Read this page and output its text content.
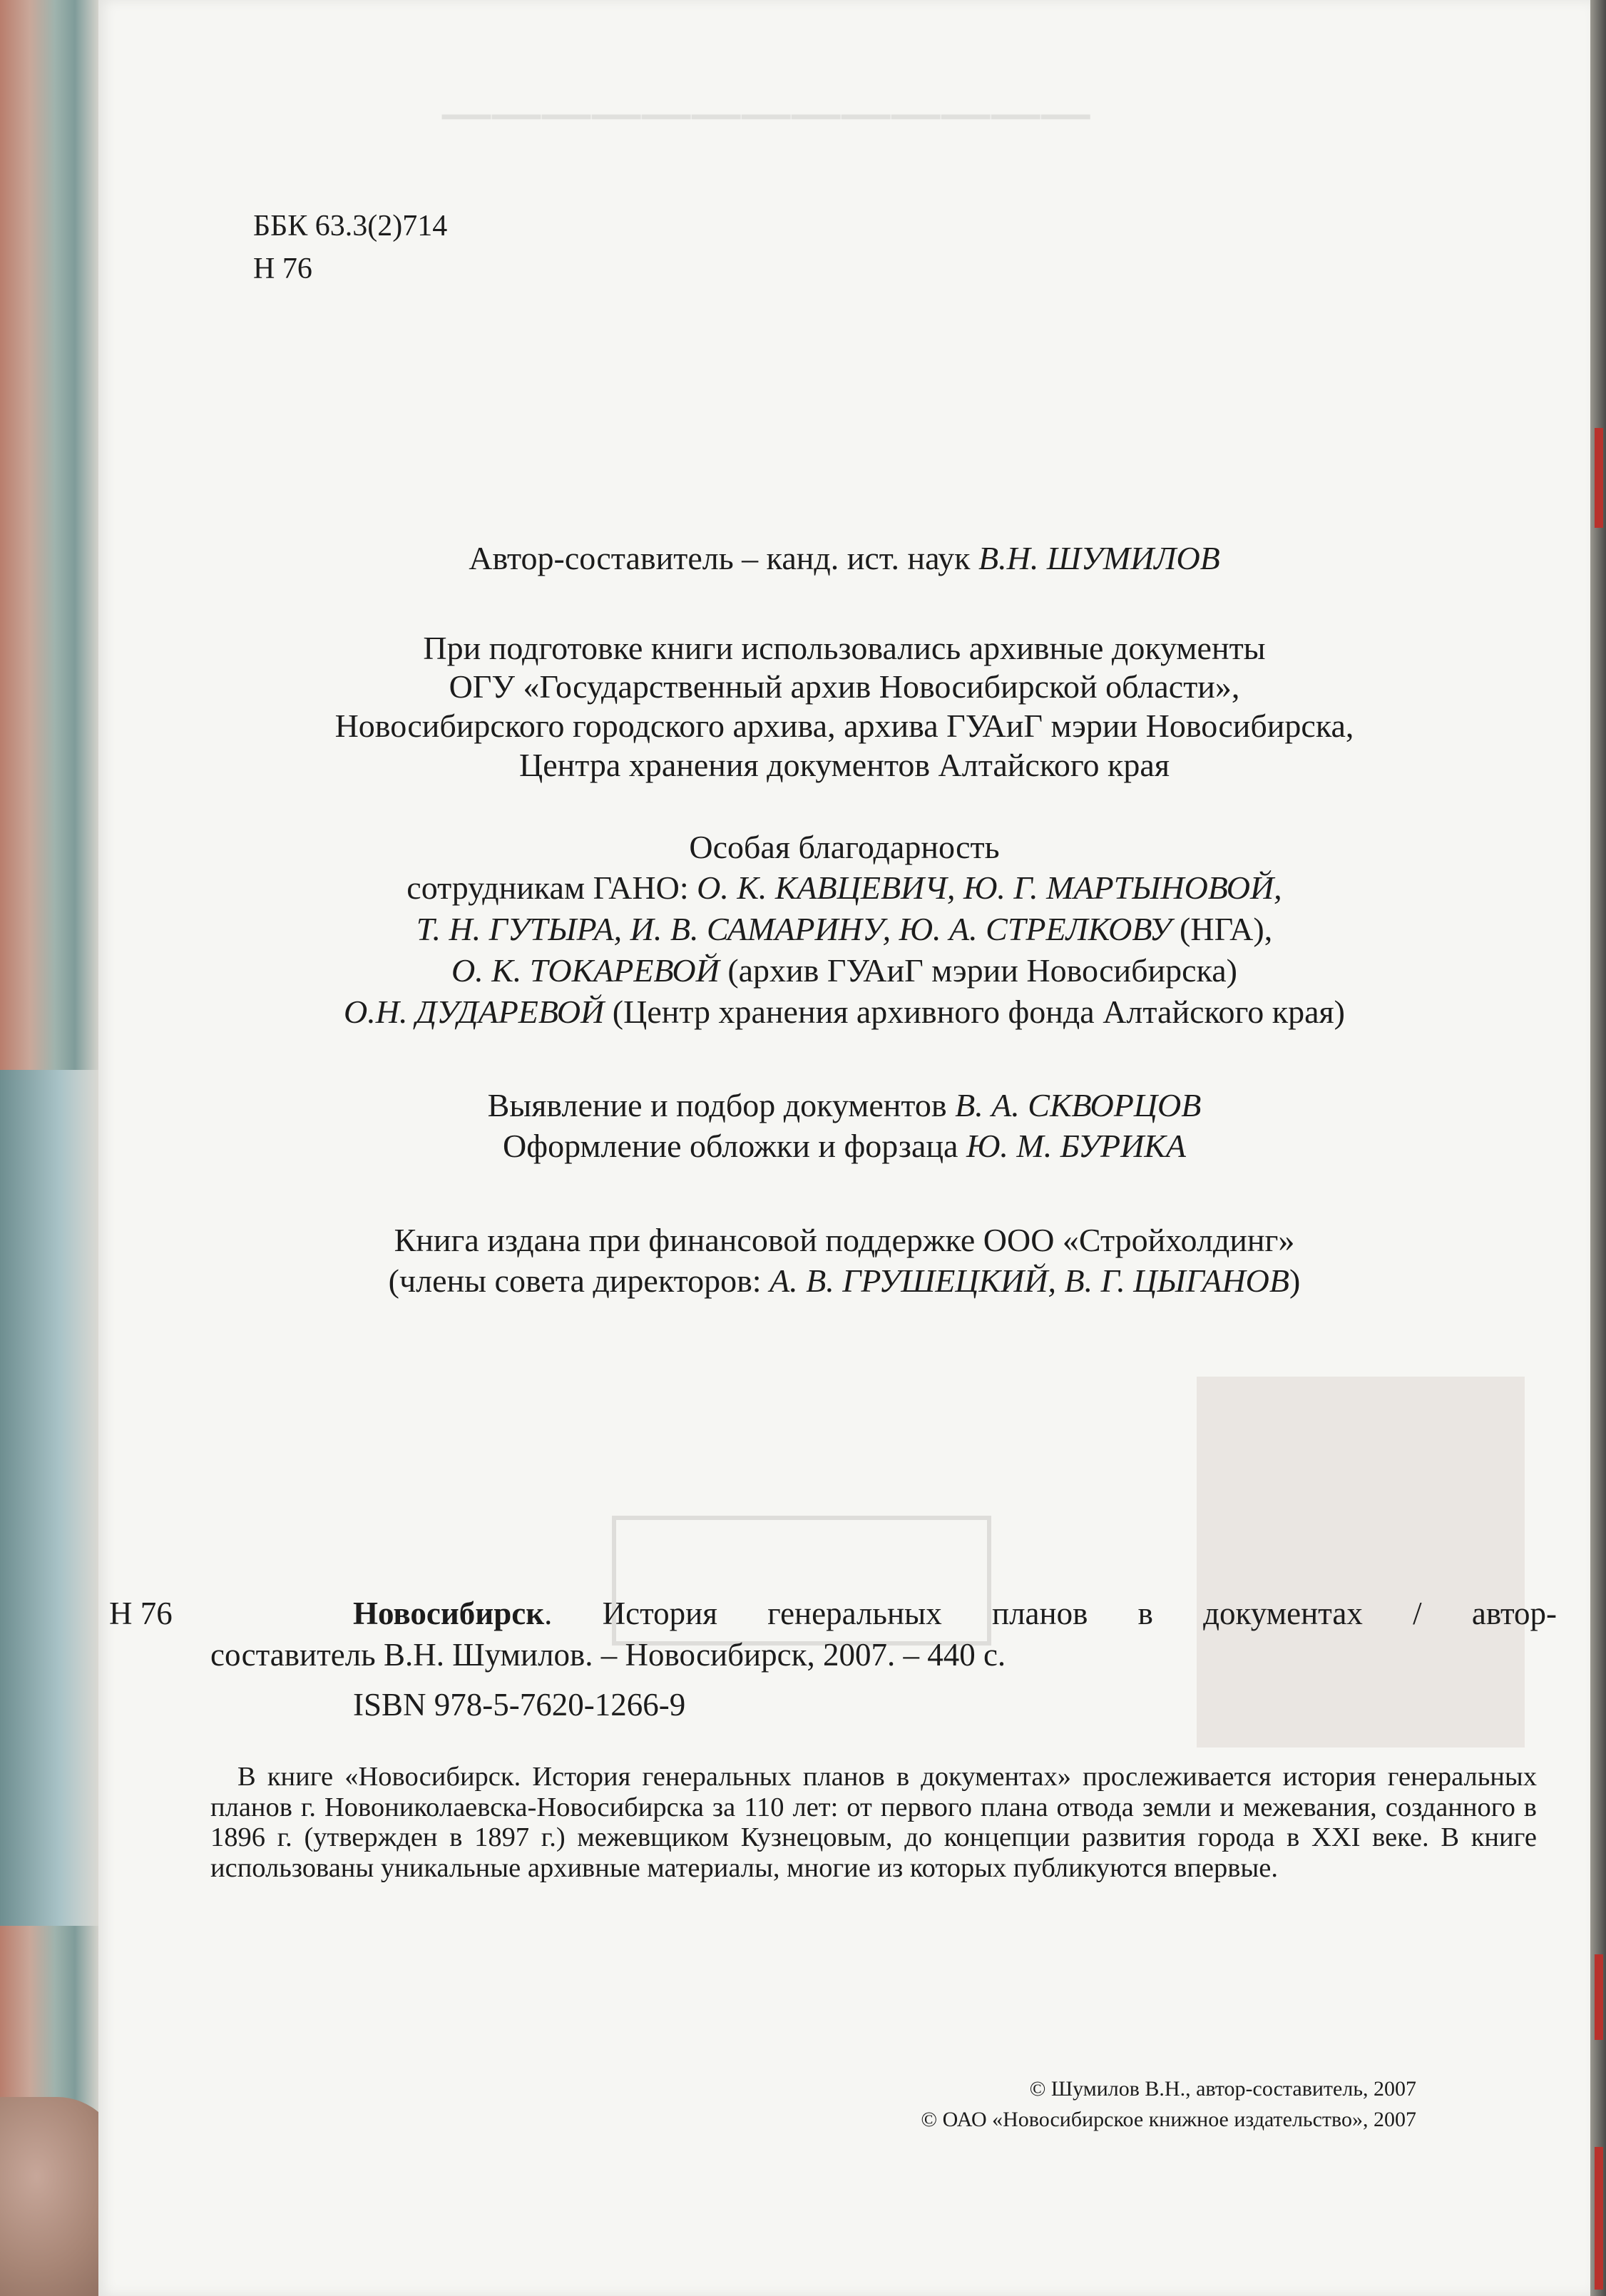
─────────────
ББК 63.3(2)714
Н 76
Автор-составитель – канд. ист. наук В.Н. ШУМИЛОВ
При подготовке книги использовались архивные документы
ОГУ «Государственный архив Новосибирской области»,
Новосибирского городского архива, архива ГУАиГ мэрии Новосибирска,
Центра хранения документов Алтайского края
Особая благодарность
сотрудникам ГАНО: О. К. КАВЦЕВИЧ, Ю. Г. МАРТЫНОВОЙ,
Т. Н. ГУТЫРА, И. В. САМАРИНУ, Ю. А. СТРЕЛКОВУ (НГА),
О. К. ТОКАРЕВОЙ (архив ГУАиГ мэрии Новосибирска)
О.Н. ДУДАРЕВОЙ (Центр хранения архивного фонда Алтайского края)
Выявление и подбор документов В. А. СКВОРЦОВ
Оформление обложки и форзаца Ю. М. БУРИКА
Книга издана при финансовой поддержке ООО «Стройхолдинг»
(члены совета директоров: А. В. ГРУШЕЦКИЙ, В. Г. ЦЫГАНОВ)
Н 76	Новосибирск. История генеральных планов в документах / автор-
составитель В.Н. Шумилов. – Новосибирск, 2007. – 440 с.
ISBN 978-5-7620-1266-9
В книге «Новосибирск. История генеральных планов в документах» прослеживается история генеральных планов г. Новониколаевска-Новосибирска за 110 лет: от первого плана отвода земли и межевания, созданного в 1896 г. (утвержден в 1897 г.) межевщиком Кузнецовым, до концепции развития города в XXI веке. В книге использованы уникальные архивные материалы, многие из которых публикуются впервые.
© Шумилов В.Н., автор-составитель, 2007
© ОАО «Новосибирское книжное издательство», 2007
